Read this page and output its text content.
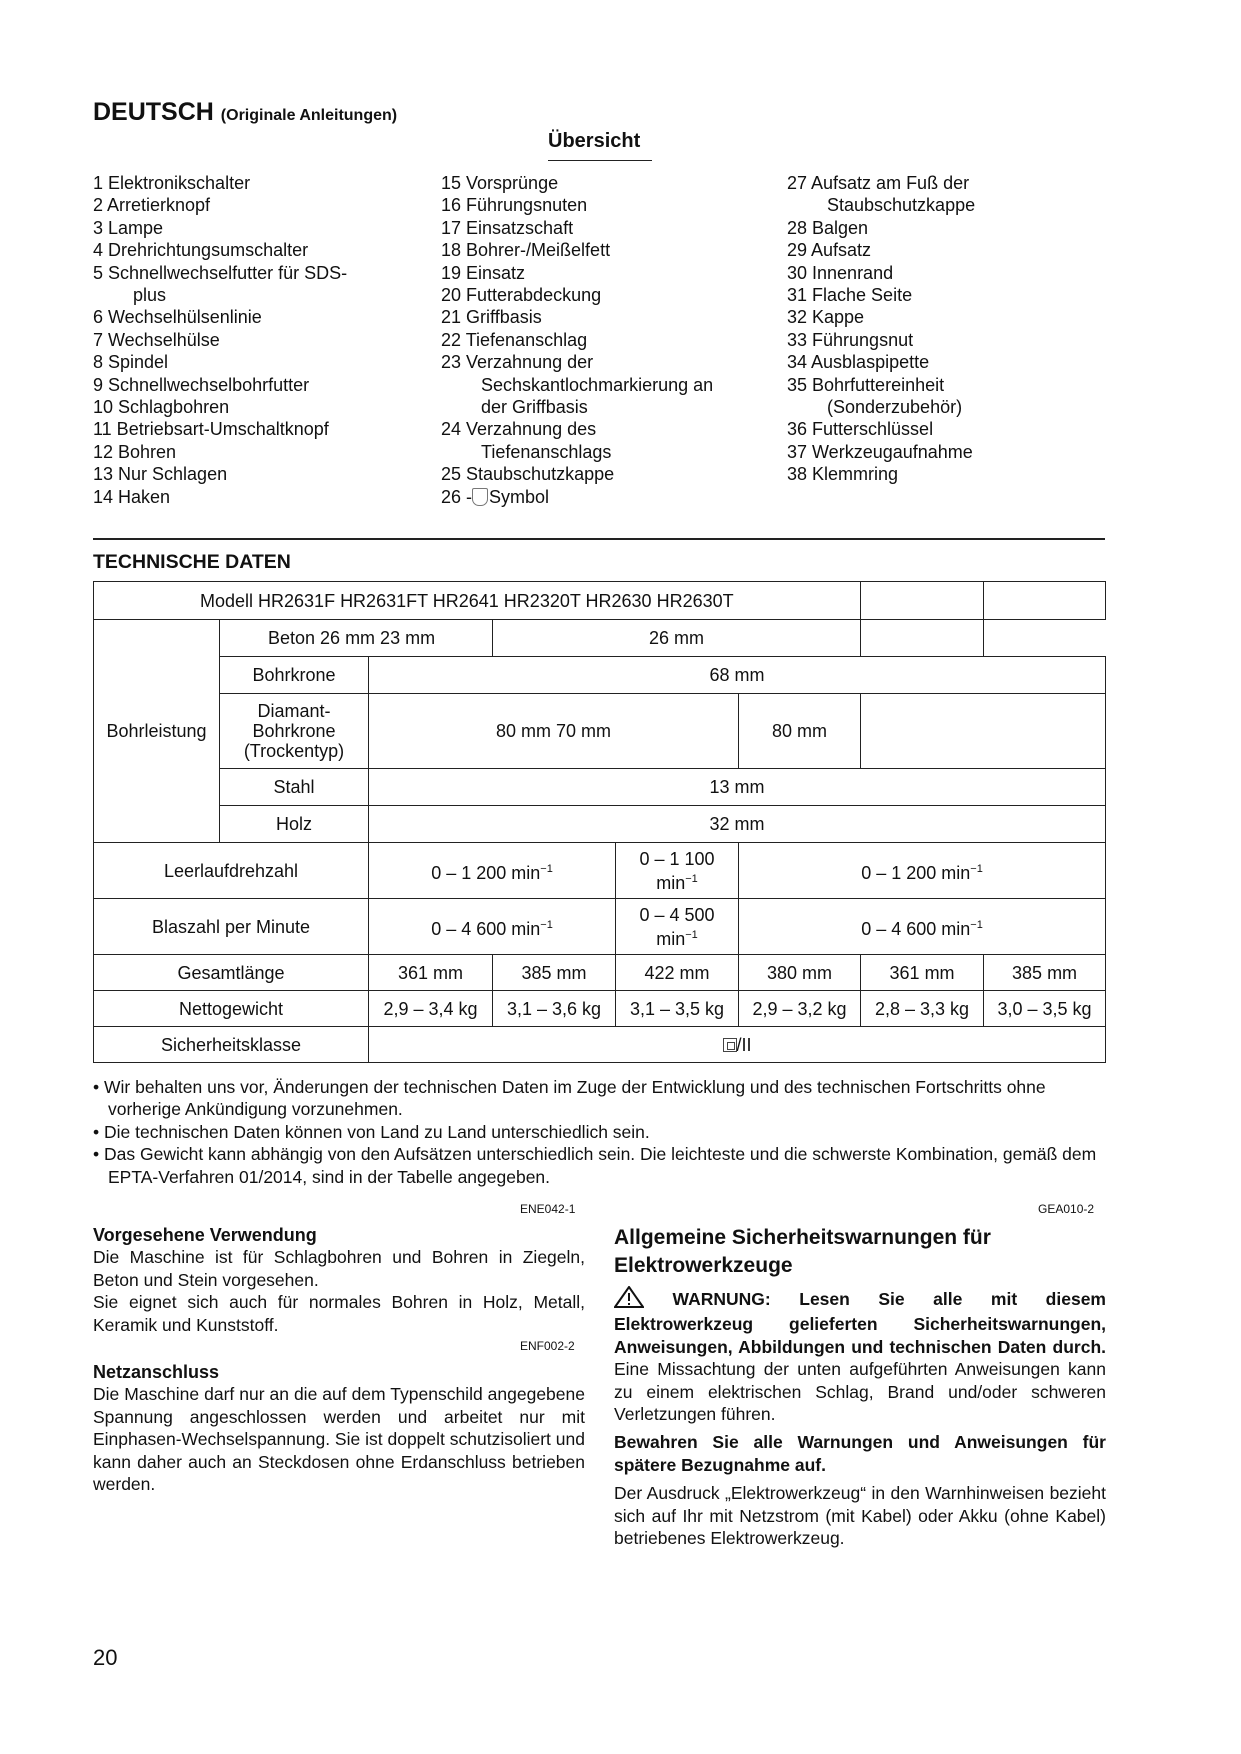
DEUTSCH (Originale Anleitungen)
Übersicht
1 Elektronikschalter
2 Arretierknopf
3 Lampe
4 Drehrichtungsumschalter
5 Schnellwechselfutter für SDS-
plus
6 Wechselhülsenlinie
7 Wechselhülse
8 Spindel
9 Schnellwechselbohrfutter
10 Schlagbohren
11 Betriebsart-Umschaltknopf
12 Bohren
13 Nur Schlagen
14 Haken
15 Vorsprünge
16 Führungsnuten
17 Einsatzschaft
18 Bohrer-/Meißelfett
19 Einsatz
20 Futterabdeckung
21 Griffbasis
22 Tiefenanschlag
23 Verzahnung der
Sechskantlochmarkierung an
der Griffbasis
24 Verzahnung des
Tiefenanschlags
25 Staubschutzkappe
26 - Symbol
27 Aufsatz am Fuß der
Staubschutzkappe
28 Balgen
29 Aufsatz
30 Innenrand
31 Flache Seite
32 Kappe
33 Führungsnut
34 Ausblaspipette
35 Bohrfuttereinheit
(Sonderzubehör)
36 Futterschlüssel
37 Werkzeugaufnahme
38 Klemmring
TECHNISCHE DATEN
Modell HR2631F HR2631FT HR2641 HR2320T HR2630 HR2630T							
Bohrleistung	Beton 26 mm 23 mm		26 mm				
	Bohrkrone	68 mm					
	Diamant-Bohrkrone (Trockentyp)	80 mm 70 mm			80 mm		
	Stahl	13 mm					
	Holz	32 mm					
Leerlaufdrehzahl		0 – 1 200 $\min^{-1}$		0 – 1 100
$\min^{-1}$	0 – 1 200 $\min^{-1}$
Blaszahl per Minute		0 – 4 600 $\min^{-1}$		0 – 4 500
$\min^{-1}$	0 – 4 600 $\min^{-1}$
Gesamtlänge		361 mm	385 mm	422 mm	380 mm	361 mm	385 mm
Nettogewicht		2,9 – 3,4 kg	3,1 – 3,6 kg	3,1 – 3,5 kg	2,9 – 3,2 kg	2,8 – 3,3 kg	3,0 – 3,5 kg
Sicherheitsklasse		/II					
• Wir behalten uns vor, Änderungen der technischen Daten im Zuge der Entwicklung und des technischen Fortschritts ohne vorherige Ankündigung vorzunehmen.
• Die technischen Daten können von Land zu Land unterschiedlich sein.
• Das Gewicht kann abhängig von den Aufsätzen unterschiedlich sein. Die leichteste und die schwerste Kombination, gemäß dem EPTA-Verfahren 01/2014, sind in der Tabelle angegeben.
ENE042-1	GEA010-2
ENF002-2
Vorgesehene Verwendung

Die Maschine ist für Schlagbohren und Bohren in Ziegeln, Beton und Stein vorgesehen.

Sie eignet sich auch für normales Bohren in Holz, Metall, Keramik und Kunststoff.

Netzanschluss

Die Maschine darf nur an die auf dem Typenschild angegebene Spannung angeschlossen werden und arbeitet nur mit Einphasen-Wechselspannung. Sie ist doppelt schutzisoliert und kann daher auch an Steckdosen ohne Erdanschluss betrieben werden.

Allgemeine Sicherheitswarnungen für Elektrowerkzeuge

WARNUNG: Lesen Sie alle mit diesem Elektrowerkzeug gelieferten Sicherheitswarnungen, Anweisungen, Abbildungen und technischen Daten durch. Eine Missachtung der unten aufgeführten Anweisungen kann zu einem elektrischen Schlag, Brand und/oder schweren Verletzungen führen.

Bewahren Sie alle Warnungen und Anweisungen für spätere Bezugnahme auf.

Der Ausdruck „Elektrowerkzeug“ in den Warnhinweisen bezieht sich auf Ihr mit Netzstrom (mit Kabel) oder Akku (ohne Kabel) betriebenes Elektrowerkzeug.

20
